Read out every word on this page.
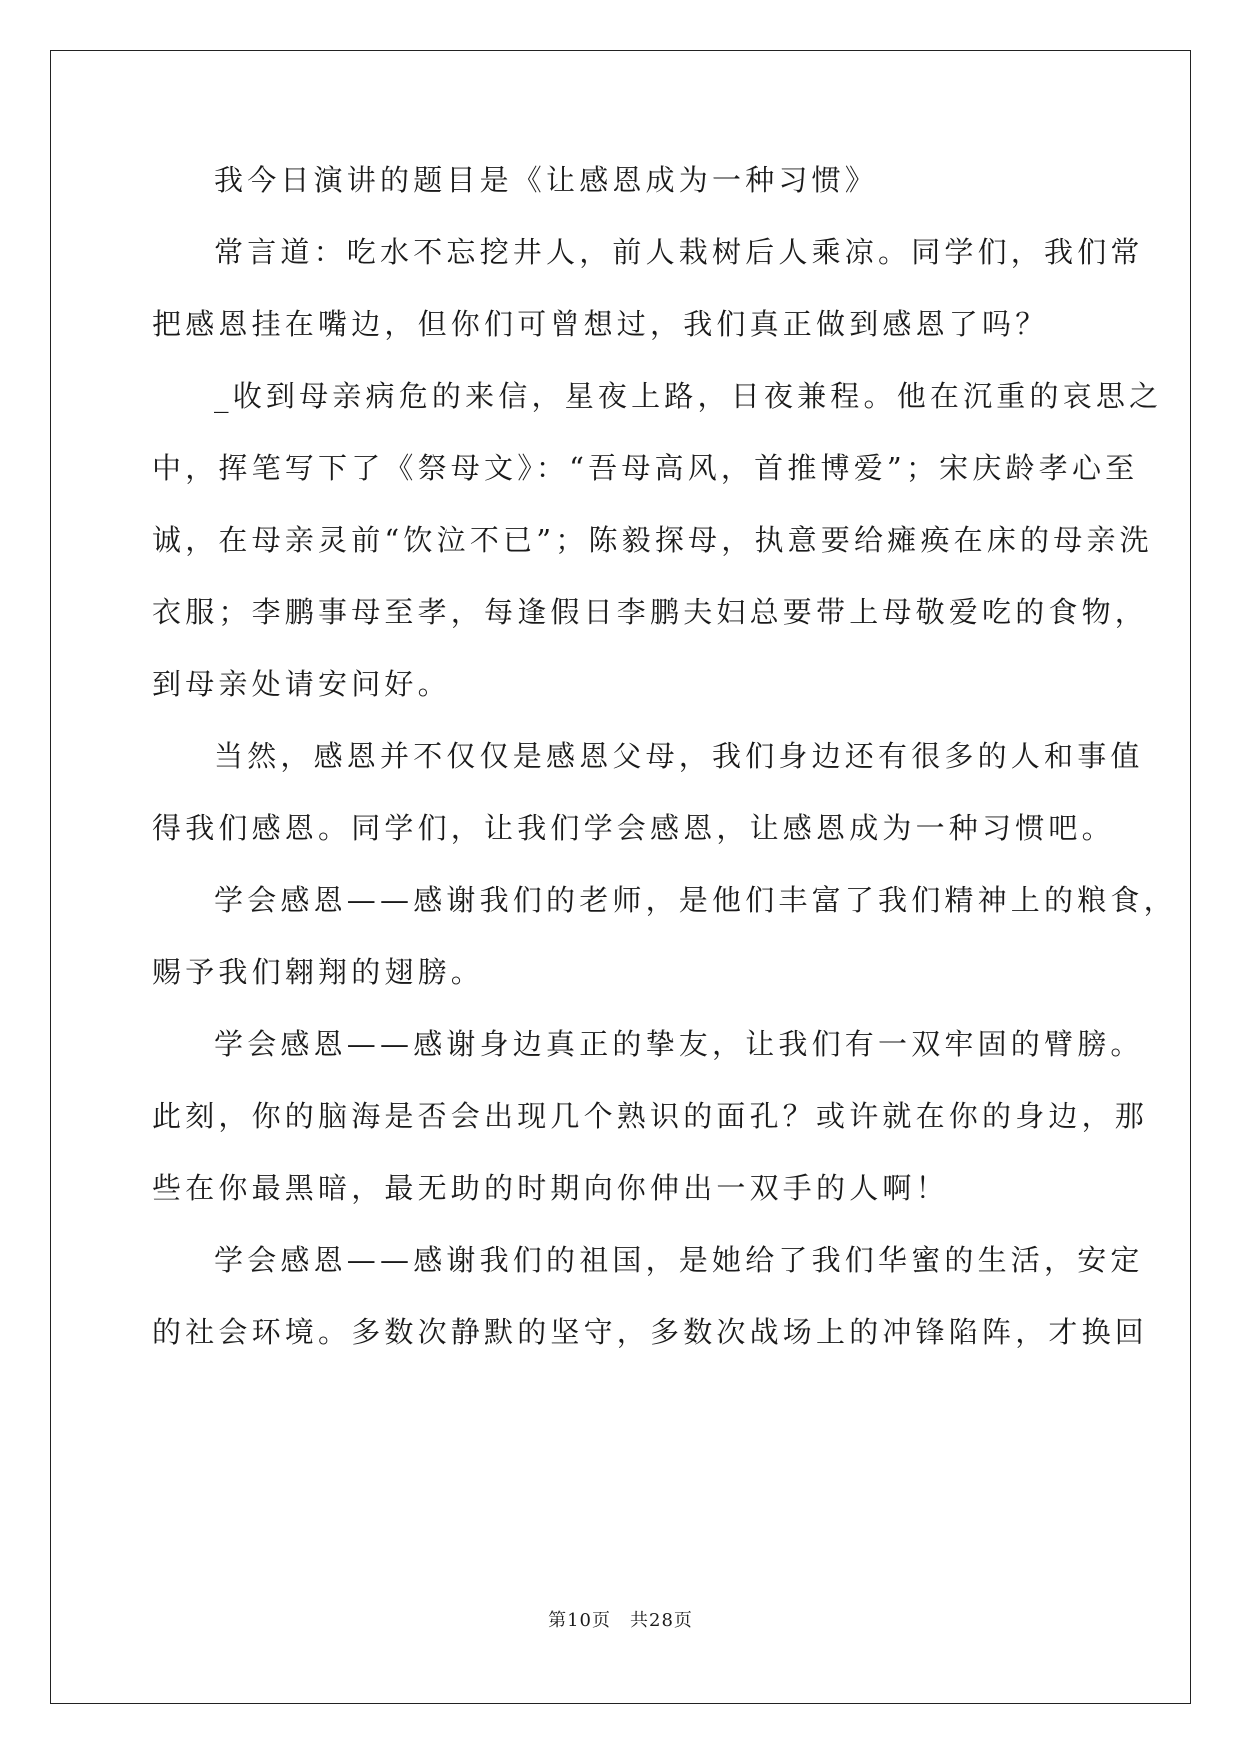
我今日演讲的题目是《让感恩成为一种习惯》
常言道：吃水不忘挖井人，前人栽树后人乘凉。同学们，我们常
把感恩挂在嘴边，但你们可曾想过，我们真正做到感恩了吗？
_收到母亲病危的来信，星夜上路，日夜兼程。他在沉重的哀思之
中，挥笔写下了《祭母文》：“吾母高风，首推博爱”；宋庆龄孝心至
诚，在母亲灵前“饮泣不已”；陈毅探母，执意要给瘫痪在床的母亲洗
衣服；李鹏事母至孝，每逢假日李鹏夫妇总要带上母敬爱吃的食物，
到母亲处请安问好。
当然，感恩并不仅仅是感恩父母，我们身边还有很多的人和事值
得我们感恩。同学们，让我们学会感恩，让感恩成为一种习惯吧。
学会感恩——感谢我们的老师，是他们丰富了我们精神上的粮食，
赐予我们翱翔的翅膀。
学会感恩——感谢身边真正的挚友，让我们有一双牢固的臂膀。
此刻，你的脑海是否会出现几个熟识的面孔？或许就在你的身边，那
些在你最黑暗，最无助的时期向你伸出一双手的人啊！
学会感恩——感谢我们的祖国，是她给了我们华蜜的生活，安定
的社会环境。多数次静默的坚守，多数次战场上的冲锋陷阵，才换回
第10页　共28页
